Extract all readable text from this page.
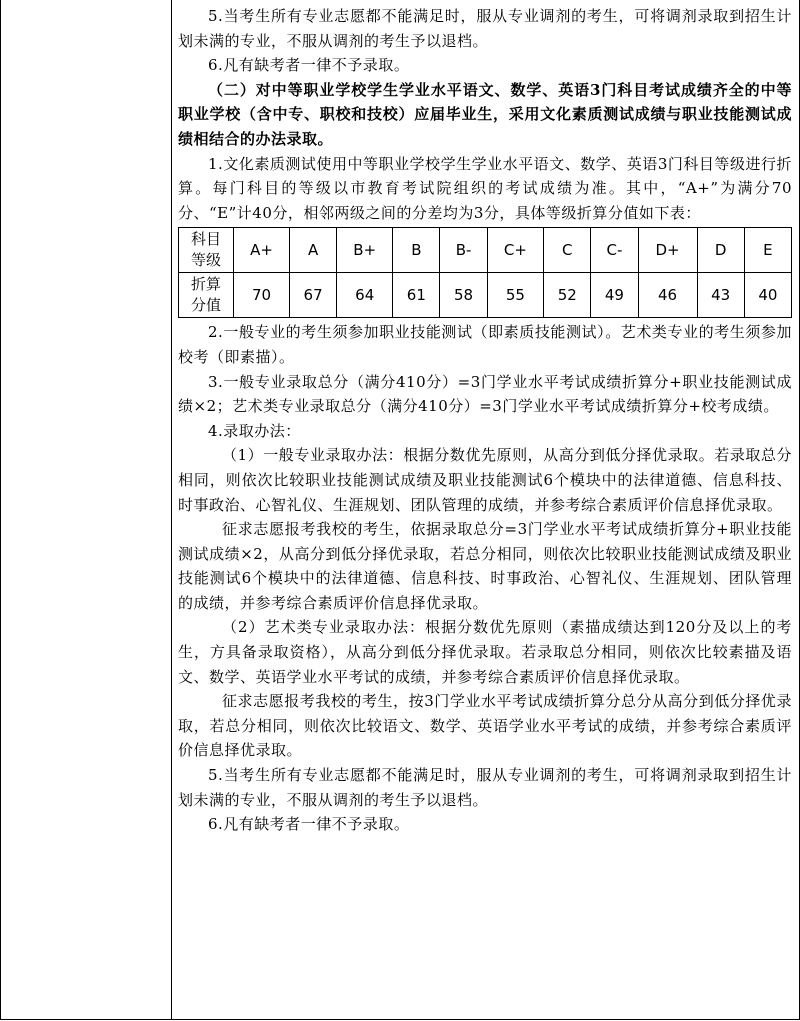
5.当考生所有专业志愿都不能满足时，服从专业调剂的考生，可将调剂录取到招生计划未满的专业，不服从调剂的考生予以退档。

6.凡有缺考者一律不予录取。

（二）对中等职业学校学生学业水平语文、数学、英语3门科目考试成绩齐全的中等职业学校（含中专、职校和技校）应届毕业生，采用文化素质测试成绩与职业技能测试成绩相结合的办法录取。

1.文化素质测试使用中等职业学校学生学业水平语文、数学、英语3门科目等级进行折算。每门科目的等级以市教育考试院组织的考试成绩为准。其中，“A+”为满分70分、“E”计40分，相邻两级之间的分差均为3分，具体等级折算分值如下表：

科目
等级	A+	A	B+	B	B-	C+	C	C-	D+	D	E
折算
分值	70	67	64	61	58	55	52	49	46	43	40

2.一般专业的考生须参加职业技能测试（即素质技能测试）。艺术类专业的考生须参加校考（即素描）。

3.一般专业录取总分（满分410分）=3门学业水平考试成绩折算分+职业技能测试成绩×2；艺术类专业录取总分（满分410分）=3门学业水平考试成绩折算分+校考成绩。

4.录取办法：

（1）一般专业录取办法：根据分数优先原则，从高分到低分择优录取。若录取总分相同，则依次比较职业技能测试成绩及职业技能测试6个模块中的法律道德、信息科技、时事政治、心智礼仪、生涯规划、团队管理的成绩，并参考综合素质评价信息择优录取。

征求志愿报考我校的考生，依据录取总分=3门学业水平考试成绩折算分+职业技能测试成绩×2，从高分到低分择优录取，若总分相同，则依次比较职业技能测试成绩及职业技能测试6个模块中的法律道德、信息科技、时事政治、心智礼仪、生涯规划、团队管理的成绩，并参考综合素质评价信息择优录取。

（2）艺术类专业录取办法：根据分数优先原则（素描成绩达到120分及以上的考生，方具备录取资格），从高分到低分择优录取。若录取总分相同，则依次比较素描及语文、数学、英语学业水平考试的成绩，并参考综合素质评价信息择优录取。

征求志愿报考我校的考生，按3门学业水平考试成绩折算分总分从高分到低分择优录取，若总分相同，则依次比较语文、数学、英语学业水平考试的成绩，并参考综合素质评价信息择优录取。

5.当考生所有专业志愿都不能满足时，服从专业调剂的考生，可将调剂录取到招生计划未满的专业，不服从调剂的考生予以退档。

6.凡有缺考者一律不予录取。
